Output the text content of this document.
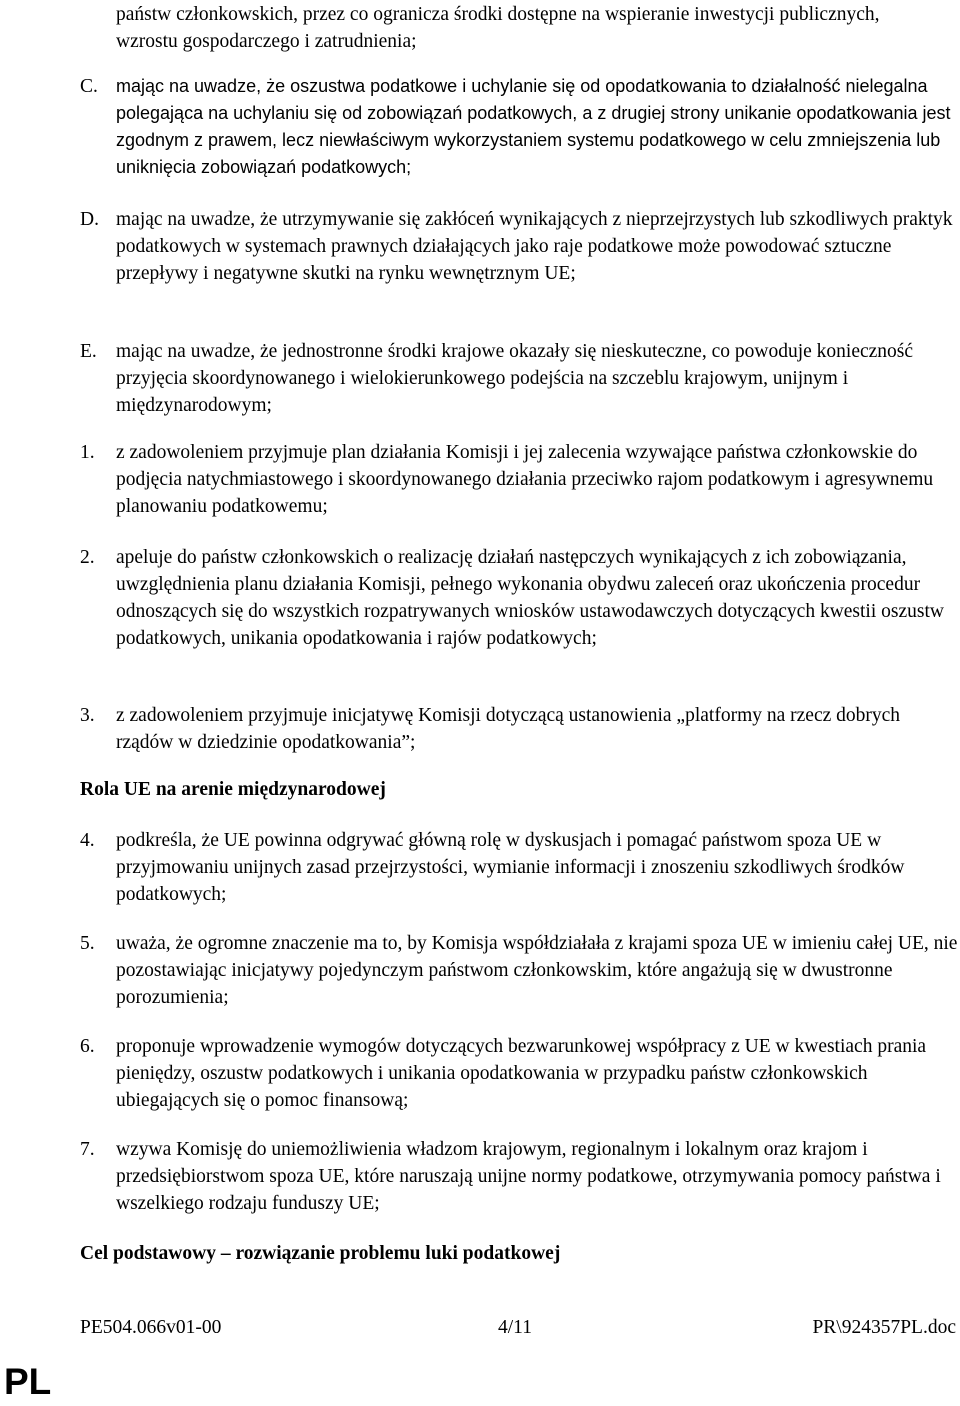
państw członkowskich, przez co ogranicza środki dostępne na wspieranie inwestycji publicznych, wzrostu gospodarczego i zatrudnienia;
C. mając na uwadze, że oszustwa podatkowe i uchylanie się od opodatkowania to działalność nielegalna polegająca na uchylaniu się od zobowiązań podatkowych, a z drugiej strony unikanie opodatkowania jest zgodnym z prawem, lecz niewłaściwym wykorzystaniem systemu podatkowego w celu zmniejszenia lub uniknięcia zobowiązań podatkowych;
D. mając na uwadze, że utrzymywanie się zakłóceń wynikających z nieprzejrzystych lub szkodliwych praktyk podatkowych w systemach prawnych działających jako raje podatkowe może powodować sztuczne przepływy i negatywne skutki na rynku wewnętrznym UE;
E. mając na uwadze, że jednostronne środki krajowe okazały się nieskuteczne, co powoduje konieczność przyjęcia skoordynowanego i wielokierunkowego podejścia na szczeblu krajowym, unijnym i międzynarodowym;
1. z zadowoleniem przyjmuje plan działania Komisji i jej zalecenia wzywające państwa członkowskie do podjęcia natychmiastowego i skoordynowanego działania przeciwko rajom podatkowym i agresywnemu planowaniu podatkowemu;
2. apeluje do państw członkowskich o realizację działań następczych wynikających z ich zobowiązania, uwzględnienia planu działania Komisji, pełnego wykonania obydwu zaleceń oraz ukończenia procedur odnoszących się do wszystkich rozpatrywanych wniosków ustawodawczych dotyczących kwestii oszustw podatkowych, unikania opodatkowania i rajów podatkowych;
3. z zadowoleniem przyjmuje inicjatywę Komisji dotyczącą ustanowienia „platformy na rzecz dobrych rządów w dziedzinie opodatkowania”;
Rola UE na arenie międzynarodowej
4. podkreśla, że UE powinna odgrywać główną rolę w dyskusjach i pomagać państwom spoza UE w przyjmowaniu unijnych zasad przejrzystości, wymianie informacji i znoszeniu szkodliwych środków podatkowych;
5. uważa, że ogromne znaczenie ma to, by Komisja współdziałała z krajami spoza UE w imieniu całej UE, nie pozostawiając inicjatywy pojedynczym państwom członkowskim, które angażują się w dwustronne porozumienia;
6. proponuje wprowadzenie wymogów dotyczących bezwarunkowej współpracy z UE w kwestiach prania pieniędzy, oszustw podatkowych i unikania opodatkowania w przypadku państw członkowskich ubiegających się o pomoc finansową;
7. wzywa Komisję do uniemożliwienia władzom krajowym, regionalnym i lokalnym oraz krajom i przedsiębiorstwom spoza UE, które naruszają unijne normy podatkowe, otrzymywania pomocy państwa i wszelkiego rodzaju funduszy UE;
Cel podstawowy – rozwiązanie problemu luki podatkowej
PE504.066v01-00	4/11	PR\924357PL.doc
PL
